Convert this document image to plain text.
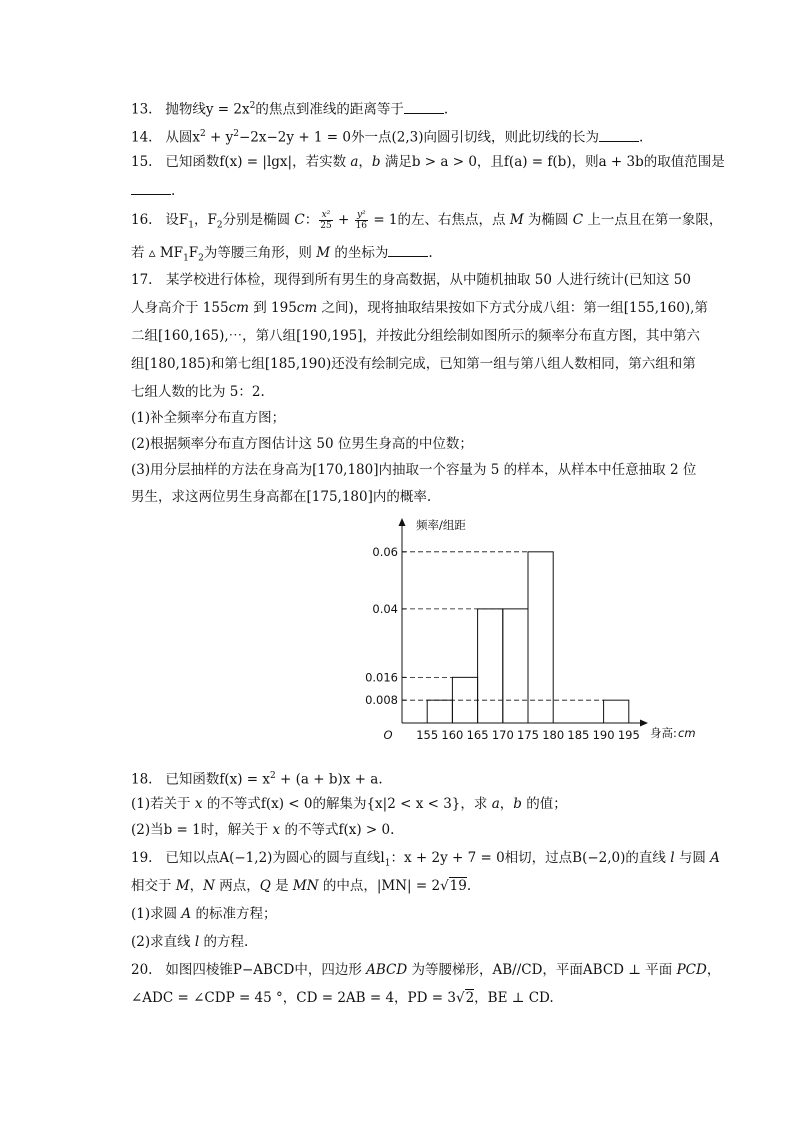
13. 抛物线$y = 2x^2$的焦点到准线的距离等于	.
14. 从圆$x^2 + y^2-2x-2y + 1 = 0$外一点(2,3)向圆引切线，则此切线的长为	.
15. 已知函数f(x) = |lgx|，若实数 a，b 满足b > a > 0，且f(a) = f(b)，则a + 3b的取值范围是
.
16. 设$F_1$，$F_2$分别是椭圆 C： $\frac{\text{x²}}{25} + \frac{\text{y²}}{16} = 1$的左、右焦点，点 M 为椭圆 C 上一点且在第一象限，
若 ▵ $MF_1F_2$为等腰三角形，则 M 的坐标为	.
17.　某学校进行体检，现得到所有男生的身高数据，从中随机抽取 50 人进行统计(已知这 50
人身高介于 155cm 到 195cm 之间)，现将抽取结果按如下方式分成八组：第一组[155,160),第
二组[160,165),⋯，第八组[190,195]，并按此分组绘制如图所示的频率分布直方图，其中第六
组[180,185)和第七组[185,190)还没有绘制完成，已知第一组与第八组人数相同，第六组和第
七组人数的比为 5：2.
(1)补全频率分布直方图；
(2)根据频率分布直方图估计这 50 位男生身高的中位数；
(3)用分层抽样的方法在身高为[170,180]内抽取一个容量为 5 的样本，从样本中任意抽取 2 位
男生，求这两位男生身高都在[175,180]内的概率.
0.06
0.04
0.016
0.008
155 160 165 170 175 180 185 190 195
O
频率/组距
身高: cm
18. 已知函数$f(x) = x^2 + (a + b)x + a$.
(1)若关于 x 的不等式f(x) < 0的解集为{x|2 < x < 3}，求 a，b 的值；
(2)当b = 1时，解关于 x 的不等式f(x) > 0.
19. 已知以点A(−1,2)为圆心的圆与直线$l_1$：x + 2y + 7 = 0相切，过点B(−2,0)的直线 l 与圆 A
相交于 M，N 两点，Q 是 MN 的中点，|MN| = 2√19.
(1)求圆 A 的标准方程；
(2)求直线 l 的方程.
20. 如图四棱锥P−ABCD中，四边形 ABCD 为等腰梯形，AB//CD，平面ABCD ⊥ 平面 PCD，
∠ADC = ∠CDP = 45 °，CD = 2AB = 4，PD = 3√2，BE ⊥ CD.
